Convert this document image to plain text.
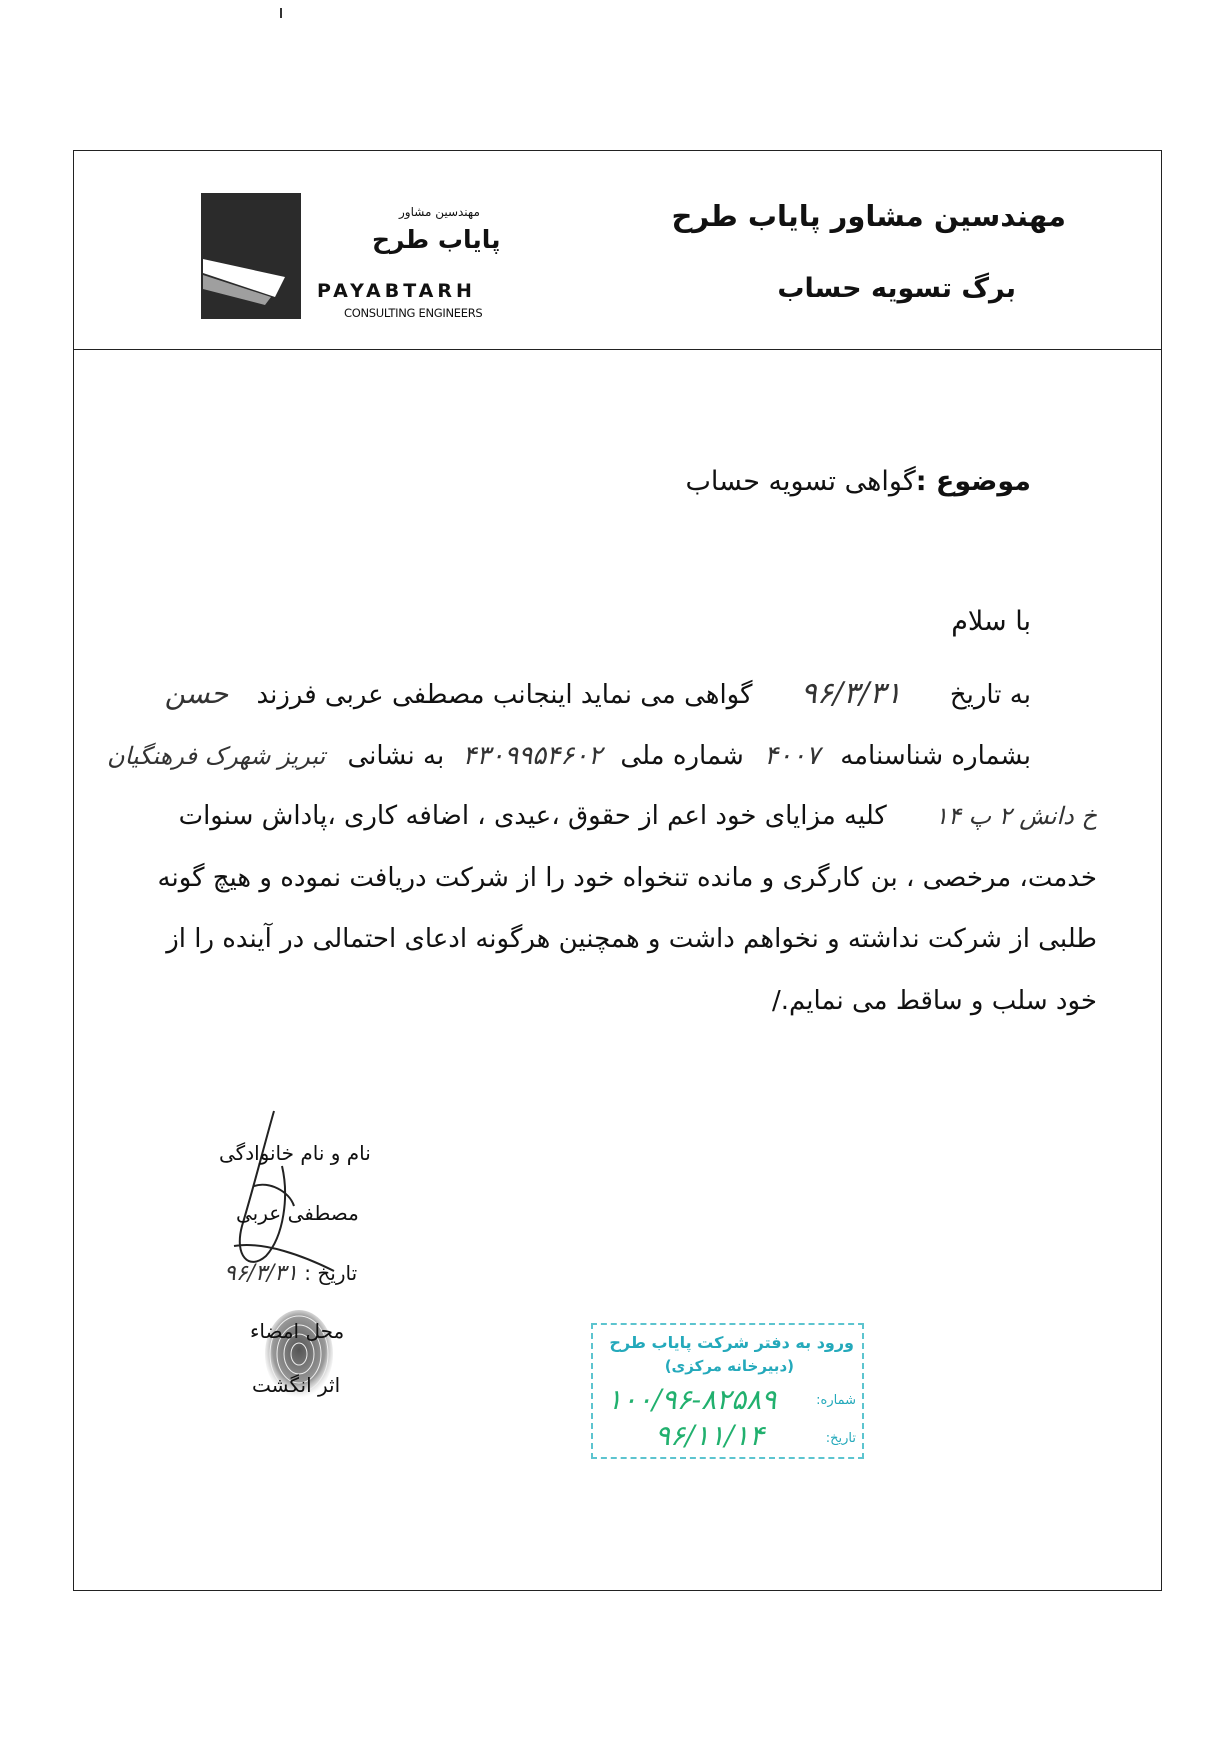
مهندسین مشاور پایاب طرح
برگ تسویه حساب
مهندسین مشاور
پایاب طرح
PAYABTARH
CONSULTING ENGINEERS
موضوع :گواهی تسویه حساب
با سلام
به تاریخ ۹۶/۳/۳۱ گواهی می نماید اینجانب مصطفی عربی فرزند حسن
بشماره شناسنامه ۴۰۰۷ شماره ملی ۴۳۰۹۹۵۴۶۰۲ به نشانی تبریز شهرک فرهنگیان
خ دانش ۲ پ ۱۴ کلیه مزایای خود اعم از حقوق ،عیدی ، اضافه کاری ،پاداش سنوات
خدمت، مرخصی ، بن کارگری و مانده تنخواه خود را از شرکت دریافت نموده و هیچ گونه
طلبی از شرکت نداشته و نخواهم داشت و همچنین هرگونه ادعای احتمالی در آینده را از
خود سلب و ساقط می نمایم./
نام و نام خانوادگی
مصطفی عربی
تاریخ : ۹۶/۳/۳۱
محل امضاء
اثر انگشت
ورود به دفتر شرکت پایاب طرح
(دبیرخانه مرکزی)
شماره:
۱۰۰/۹۶-۸۲۵۸۹
تاریخ:
۹۶/۱۱/۱۴
